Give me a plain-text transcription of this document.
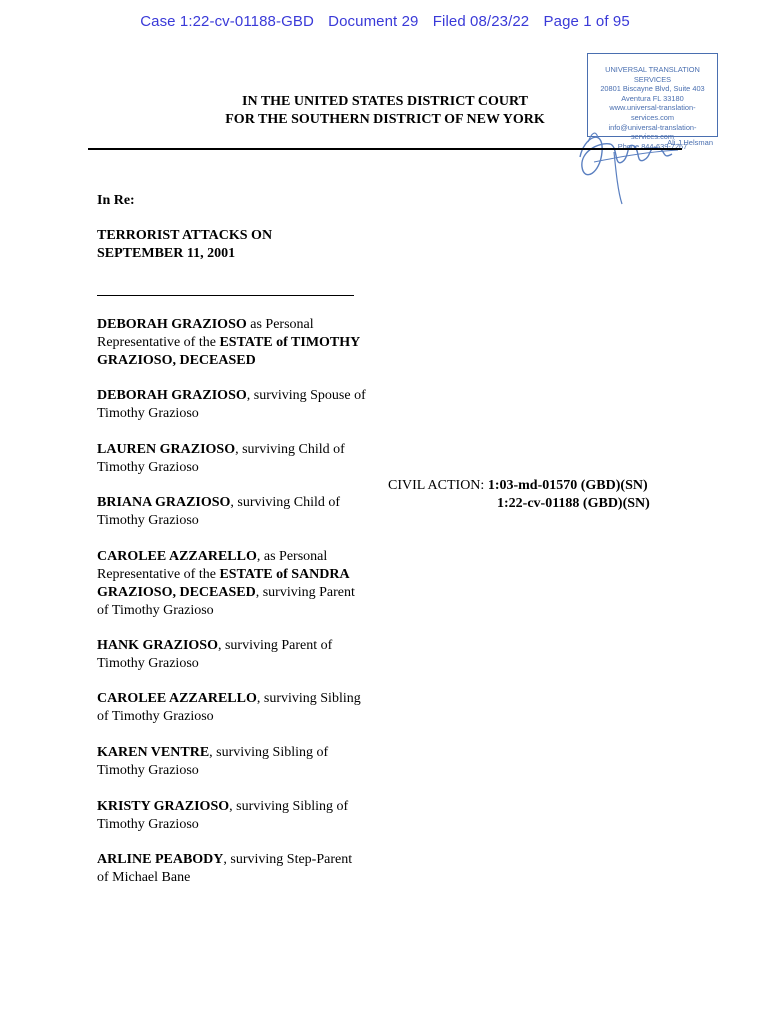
Case 1:22-cv-01188-GBD Document 29 Filed 08/23/22 Page 1 of 95
IN THE UNITED STATES DISTRICT COURT
FOR THE SOUTHERN DISTRICT OF NEW YORK
UNIVERSAL TRANSLATION SERVICES
20801 Biscayne Blvd, Suite 403
Aventura FL 33180
www.universal-translation-services.com
info@universal-translation-services.com
Phone 844-639-7267
Ali J Helsman
In Re:
TERRORIST ATTACKS ON
SEPTEMBER 11, 2001
DEBORAH GRAZIOSO as Personal Representative of the ESTATE of TIMOTHY GRAZIOSO, DECEASED
DEBORAH GRAZIOSO, surviving Spouse of Timothy Grazioso
LAUREN GRAZIOSO, surviving Child of Timothy Grazioso
BRIANA GRAZIOSO, surviving Child of Timothy Grazioso
CAROLEE AZZARELLO, as Personal Representative of the ESTATE of SANDRA GRAZIOSO, DECEASED, surviving Parent of Timothy Grazioso
HANK GRAZIOSO, surviving Parent of Timothy Grazioso
CAROLEE AZZARELLO, surviving Sibling of Timothy Grazioso
KAREN VENTRE, surviving Sibling of Timothy Grazioso
KRISTY GRAZIOSO, surviving Sibling of Timothy Grazioso
ARLINE PEABODY, surviving Step-Parent of Michael Bane
CIVIL ACTION: 1:03-md-01570 (GBD)(SN)
1:22-cv-01188 (GBD)(SN)
